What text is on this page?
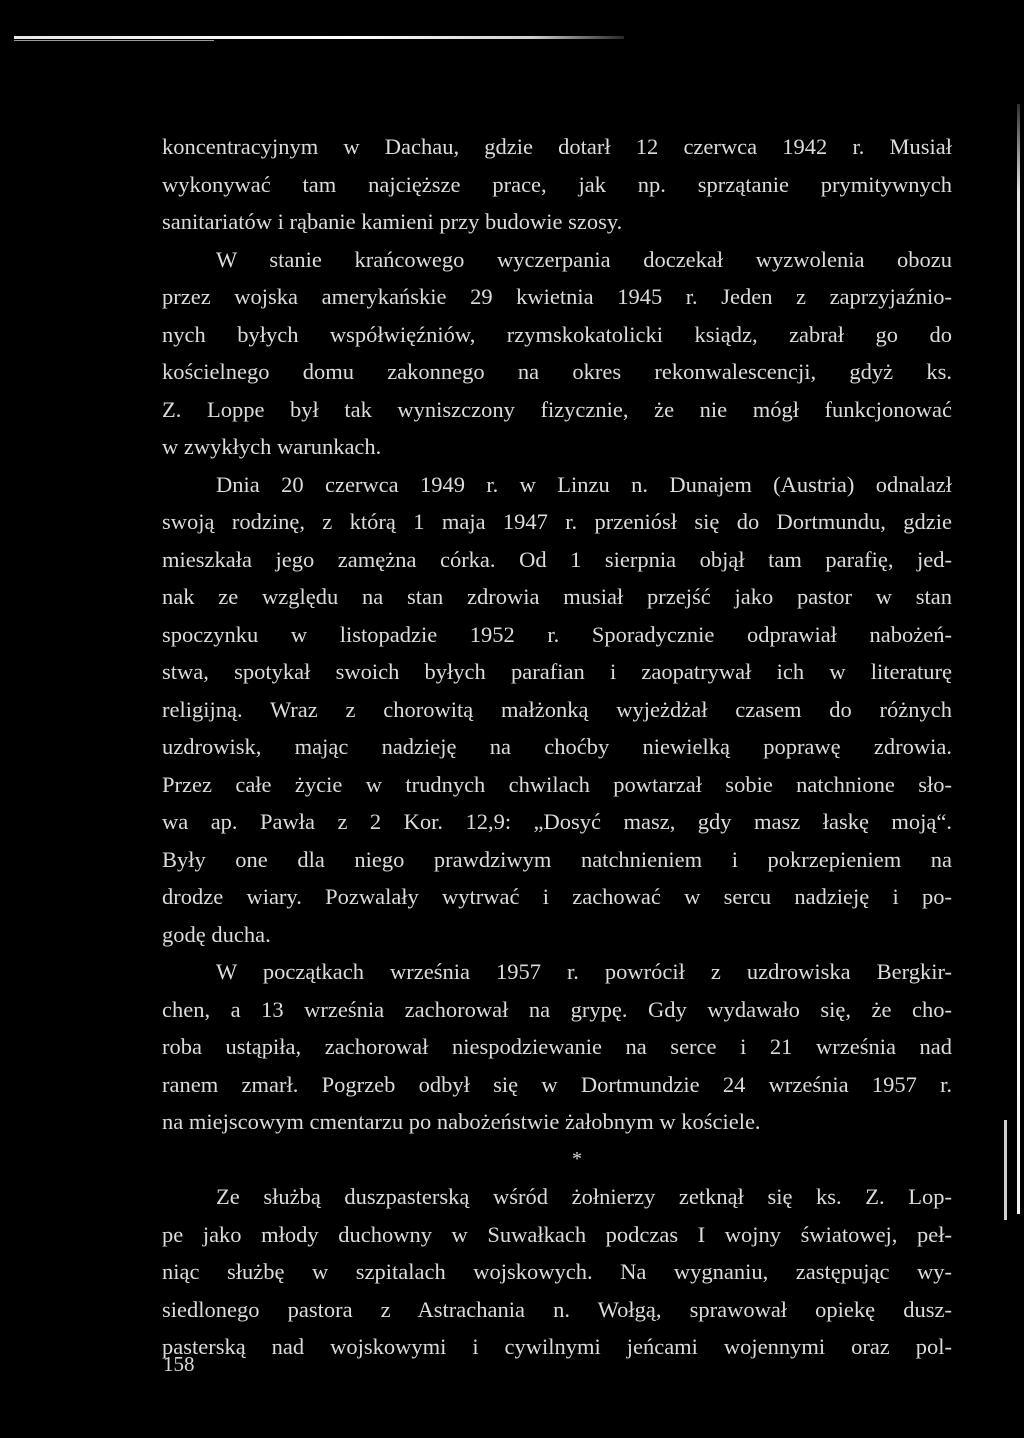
koncentracyjnym w Dachau, gdzie dotarł 12 czerwca 1942 r. Musiał
wykonywać tam najcięższe prace, jak np. sprzątanie prymitywnych
sanitariatów i rąbanie kamieni przy budowie szosy.
W stanie krańcowego wyczerpania doczekał wyzwolenia obozu
przez wojska amerykańskie 29 kwietnia 1945 r. Jeden z zaprzyjaźnio-
nych byłych współwięźniów, rzymskokatolicki ksiądz, zabrał go do
kościelnego domu zakonnego na okres rekonwalescencji, gdyż ks.
Z. Loppe był tak wyniszczony fizycznie, że nie mógł funkcjonować
w zwykłych warunkach.
Dnia 20 czerwca 1949 r. w Linzu n. Dunajem (Austria) odnalazł
swoją rodzinę, z którą 1 maja 1947 r. przeniósł się do Dortmundu, gdzie
mieszkała jego zamężna córka. Od 1 sierpnia objął tam parafię, jed-
nak ze względu na stan zdrowia musiał przejść jako pastor w stan
spoczynku w listopadzie 1952 r. Sporadycznie odprawiał nabożeń-
stwa, spotykał swoich byłych parafian i zaopatrywał ich w literaturę
religijną. Wraz z chorowitą małżonką wyjeżdżał czasem do różnych
uzdrowisk, mając nadzieję na choćby niewielką poprawę zdrowia.
Przez całe życie w trudnych chwilach powtarzał sobie natchnione sło-
wa ap. Pawła z 2 Kor. 12,9: „Dosyć masz, gdy masz łaskę moją“.
Były one dla niego prawdziwym natchnieniem i pokrzepieniem na
drodze wiary. Pozwalały wytrwać i zachować w sercu nadzieję i po-
godę ducha.
W początkach września 1957 r. powrócił z uzdrowiska Bergkir-
chen, a 13 września zachorował na grypę. Gdy wydawało się, że cho-
roba ustąpiła, zachorował niespodziewanie na serce i 21 września nad
ranem zmarł. Pogrzeb odbył się w Dortmundzie 24 września 1957 r.
na miejscowym cmentarzu po nabożeństwie żałobnym w kościele.
*
Ze służbą duszpasterską wśród żołnierzy zetknął się ks. Z. Lop-
pe jako młody duchowny w Suwałkach podczas I wojny światowej, peł-
niąc służbę w szpitalach wojskowych. Na wygnaniu, zastępując wy-
siedlonego pastora z Astrachania n. Wołgą, sprawował opiekę dusz-
pasterską nad wojskowymi i cywilnymi jeńcami wojennymi oraz pol-
158
